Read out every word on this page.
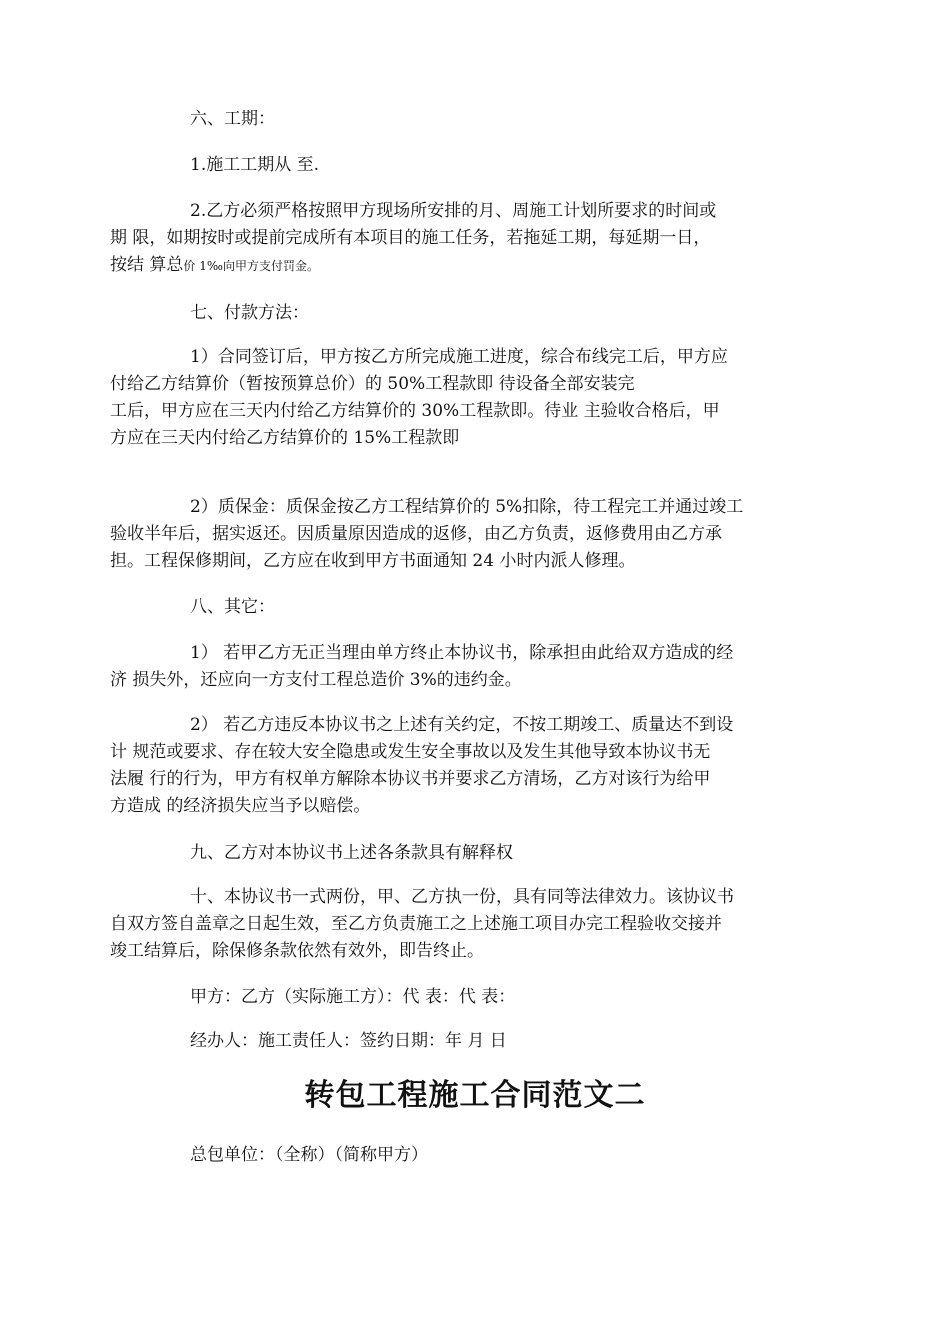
六、工期：

1.施工工期从 至.

2.乙方必须严格按照甲方现场所安排的月、周施工计划所要求的时间或
期 限，如期按时或提前完成所有本项目的施工任务，若拖延工期，每延期一日，
按结 算总价 1‰向甲方支付罚金。

七、付款方法：

1）合同签订后，甲方按乙方所完成施工进度，综合布线完工后，甲方应
付给乙方结算价（暂按预算总价）的 50%工程款即 待设备全部安装完
工后，甲方应在三天内付给乙方结算价的 30%工程款即。待业 主验收合格后，甲
方应在三天内付给乙方结算价的 15%工程款即

2）质保金：质保金按乙方工程结算价的 5%扣除，待工程完工并通过竣工
验收半年后，据实返还。因质量原因造成的返修，由乙方负责，返修费用由乙方承
担。工程保修期间，乙方应在收到甲方书面通知 24 小时内派人修理。

八、其它：

1） 若甲乙方无正当理由单方终止本协议书，除承担由此给双方造成的经
济 损失外，还应向一方支付工程总造价 3%的违约金。

2） 若乙方违反本协议书之上述有关约定，不按工期竣工、质量达不到设
计 规范或要求、存在较大安全隐患或发生安全事故以及发生其他导致本协议书无
法履 行的行为，甲方有权单方解除本协议书并要求乙方清场，乙方对该行为给甲
方造成 的经济损失应当予以赔偿。

九、乙方对本协议书上述各条款具有解释权

十、本协议书一式两份，甲、乙方执一份，具有同等法律效力。该协议书
自双方签自盖章之日起生效，至乙方负责施工之上述施工项目办完工程验收交接并
竣工结算后，除保修条款依然有效外，即告终止。

甲方：乙方（实际施工方）：代 表：代 表：

经办人：施工责任人：签约日期：年 月 日

转包工程施工合同范文二

总包单位：（全称）（简称甲方）
